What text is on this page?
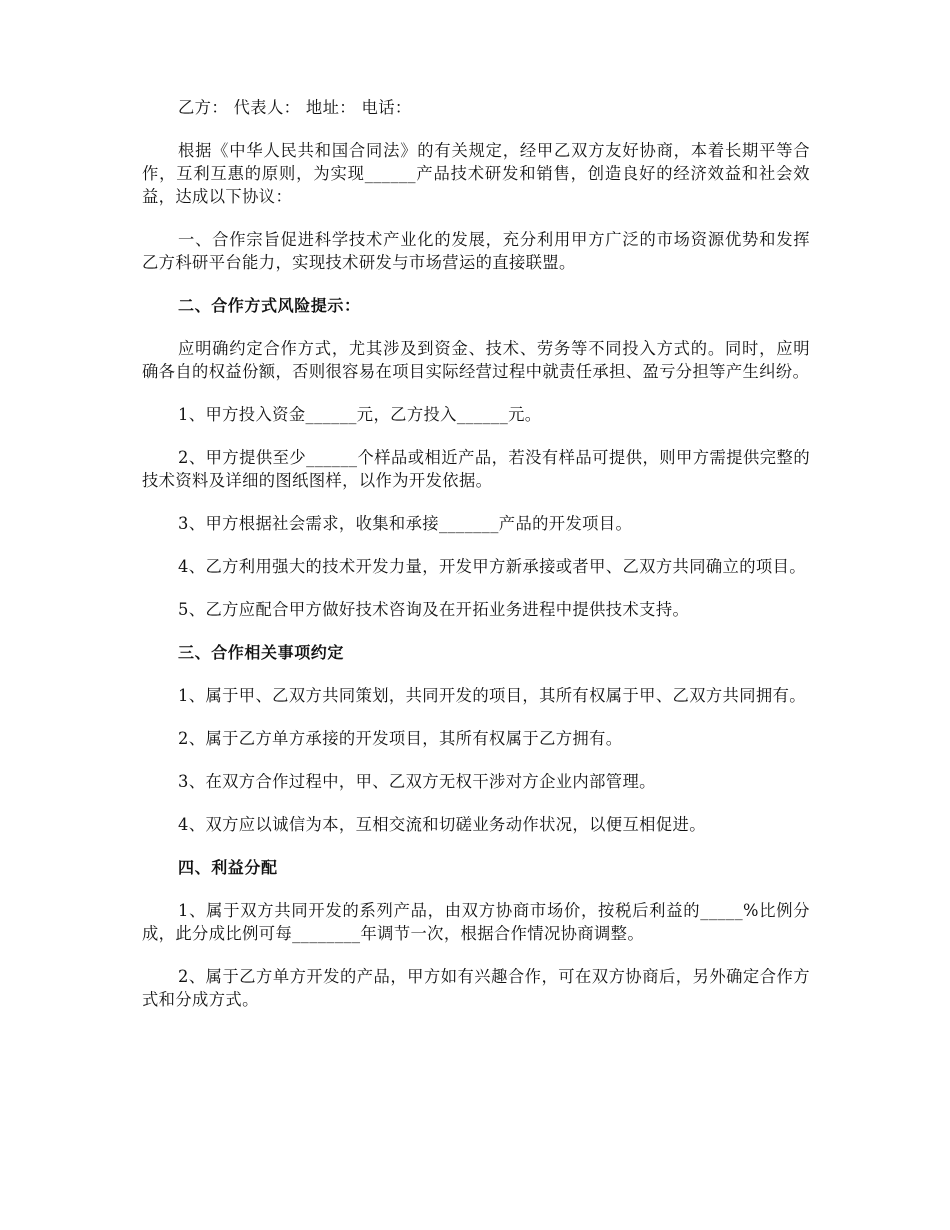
乙方： 代表人： 地址： 电话：

根据《中华人民共和国合同法》的有关规定，经甲乙双方友好协商，本着长期平等合作，互利互惠的原则，为实现______产品技术研发和销售，创造良好的经济效益和社会效益，达成以下协议：

一、合作宗旨促进科学技术产业化的发展，充分利用甲方广泛的市场资源优势和发挥乙方科研平台能力，实现技术研发与市场营运的直接联盟。

二、合作方式风险提示：

应明确约定合作方式，尤其涉及到资金、技术、劳务等不同投入方式的。同时，应明确各自的权益份额，否则很容易在项目实际经营过程中就责任承担、盈亏分担等产生纠纷。

1、甲方投入资金______元，乙方投入______元。

2、甲方提供至少______个样品或相近产品，若没有样品可提供，则甲方需提供完整的技术资料及详细的图纸图样，以作为开发依据。

3、甲方根据社会需求，收集和承接_______产品的开发项目。

4、乙方利用强大的技术开发力量，开发甲方新承接或者甲、乙双方共同确立的项目。

5、乙方应配合甲方做好技术咨询及在开拓业务进程中提供技术支持。

三、合作相关事项约定

1、属于甲、乙双方共同策划，共同开发的项目，其所有权属于甲、乙双方共同拥有。

2、属于乙方单方承接的开发项目，其所有权属于乙方拥有。

3、在双方合作过程中，甲、乙双方无权干涉对方企业内部管理。

4、双方应以诚信为本，互相交流和切磋业务动作状况，以便互相促进。

四、利益分配

1、属于双方共同开发的系列产品，由双方协商市场价，按税后利益的_____%比例分成，此分成比例可每________年调节一次，根据合作情况协商调整。

2、属于乙方单方开发的产品，甲方如有兴趣合作，可在双方协商后，另外确定合作方式和分成方式。
